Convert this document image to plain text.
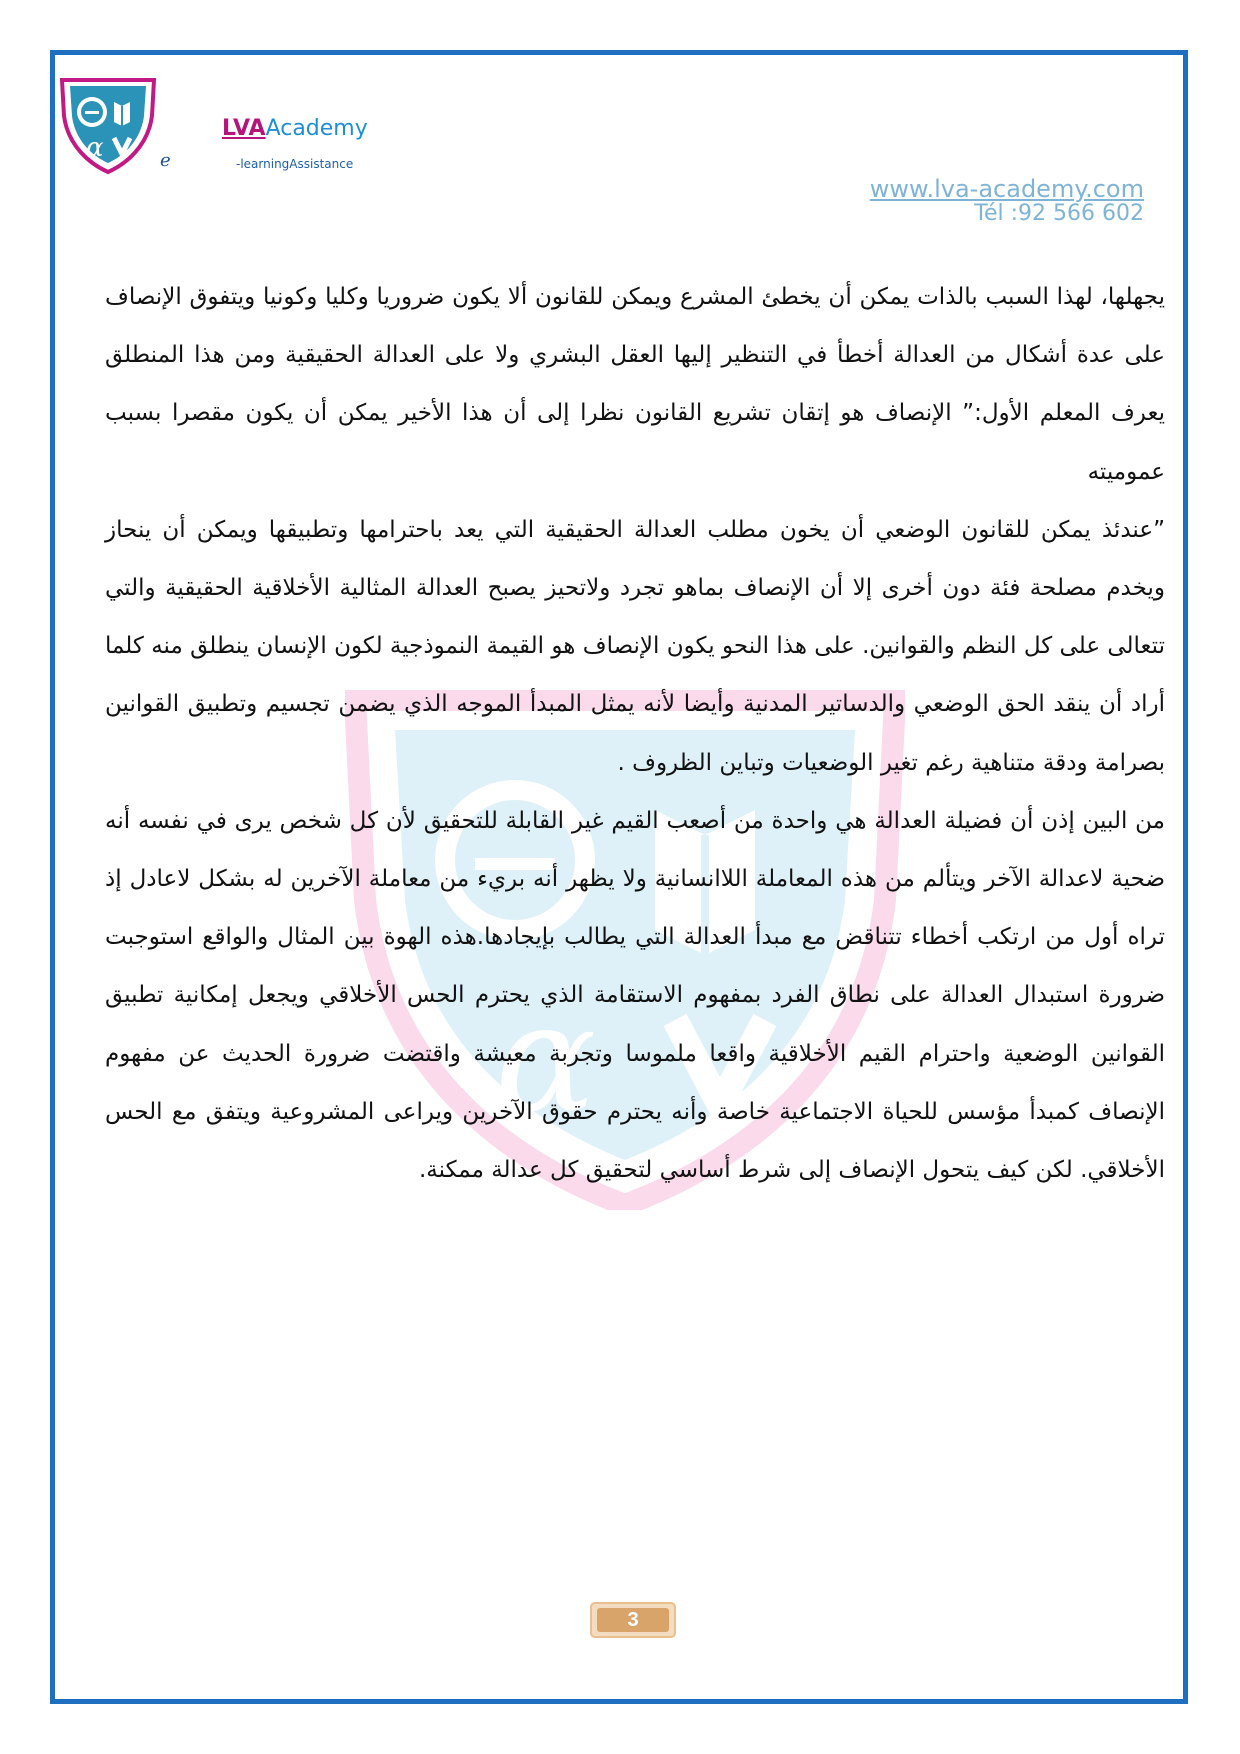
α	e
LVAAcademy
-learningAssistance
www.lva-academy.com
Tél :92 566 602
α

يجهلها، لهذا السبب بالذات يمكن أن يخطئ المشرع ويمكن للقانون ألا يكون ضروريا وكليا وكونيا ويتفوق الإنصاف على عدة أشكال من العدالة أخطأ في التنظير إليها العقل البشري ولا على العدالة الحقيقية ومن هذا المنطلق يعرف المعلم الأول:” الإنصاف هو إتقان تشريع القانون نظرا إلى أن هذا الأخير يمكن أن يكون مقصرا بسبب عموميته

”عندئذ يمكن للقانون الوضعي أن يخون مطلب العدالة الحقيقية التي يعد باحترامها وتطبيقها ويمكن أن ينحاز ويخدم مصلحة فئة دون أخرى إلا أن الإنصاف بماهو تجرد ولاتحيز يصبح العدالة المثالية الأخلاقية الحقيقية والتي تتعالى على كل النظم والقوانين. على هذا النحو يكون الإنصاف هو القيمة النموذجية لكون الإنسان ينطلق منه كلما أراد أن ينقد الحق الوضعي والدساتير المدنية وأيضا لأنه يمثل المبدأ الموجه الذي يضمن تجسيم وتطبيق القوانين بصرامة ودقة متناهية رغم تغير الوضعيات وتباين الظروف .

من البين إذن أن فضيلة العدالة هي واحدة من أصعب القيم غير القابلة للتحقيق لأن كل شخص يرى في نفسه أنه ضحية لاعدالة الآخر ويتألم من هذه المعاملة اللاانسانية ولا يظهر أنه بريء من معاملة الآخرين له بشكل لاعادل إذ تراه أول من ارتكب أخطاء تتناقض مع مبدأ العدالة التي يطالب بإيجادها.هذه الهوة بين المثال والواقع استوجبت ضرورة استبدال العدالة على نطاق الفرد بمفهوم الاستقامة الذي يحترم الحس الأخلاقي ويجعل إمكانية تطبيق القوانين الوضعية واحترام القيم الأخلاقية واقعا ملموسا وتجربة معيشة واقتضت ضرورة الحديث عن مفهوم الإنصاف كمبدأ مؤسس للحياة الاجتماعية خاصة وأنه يحترم حقوق الآخرين ويراعى المشروعية ويتفق مع الحس الأخلاقي. لكن كيف يتحول الإنصاف إلى شرط أساسي لتحقيق كل عدالة ممكنة.

3
